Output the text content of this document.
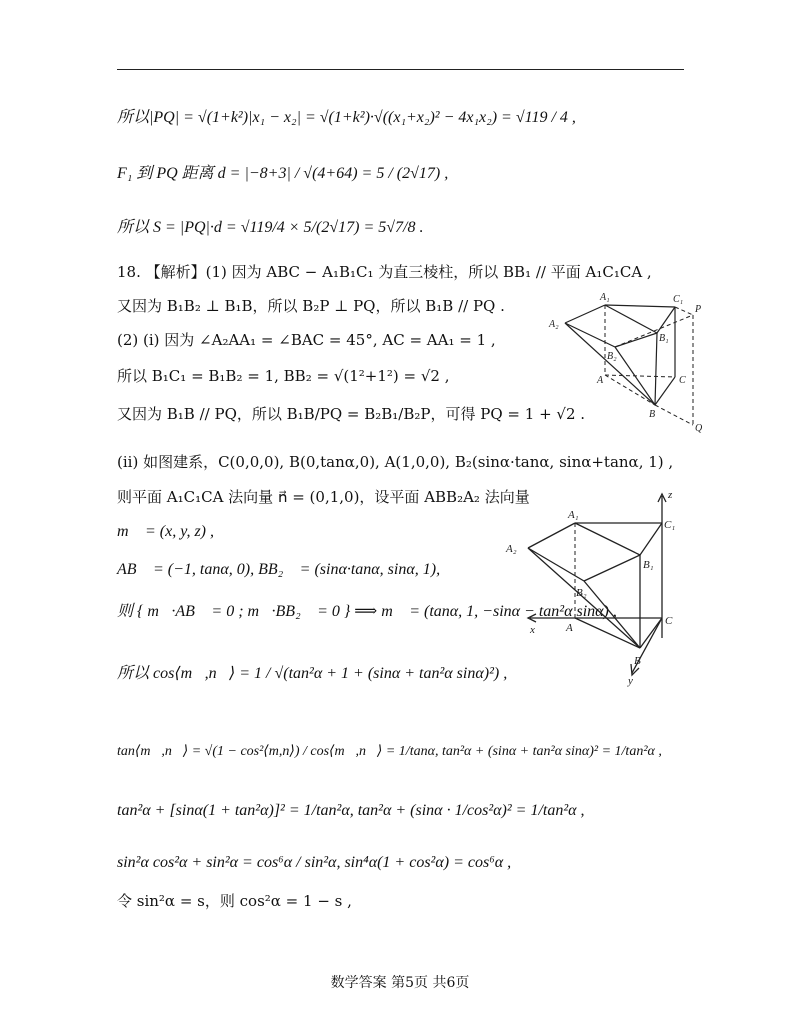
所以|PQ| = √(1+k²)|x₁ − x₂| = √(1+k²)·√((x₁+x₂)² − 4x₁x₂) = √119 / 4 ,
F₁ 到 PQ 距离 d = |−8+3| / √(4+64) = 5 / (2√17) ,
所以 S = |PQ|·d = √119/4 × 5/(2√17) = 5√7/8 .
18. 【解析】(1) 因为 ABC − A₁B₁C₁ 为直三棱柱，所以 BB₁ // 平面 A₁C₁CA ,
又因为 B₁B₂ ⊥ B₁B，所以 B₂P ⊥ PQ，所以 B₁B // PQ .
(2) (i) 因为 ∠A₂AA₁ = ∠BAC = 45°, AC = AA₁ = 1 ,
所以 B₁C₁ = B₁B₂ = 1, BB₂ = √(1²+1²) = √2 ,
又因为 B₁B // PQ，所以 B₁B/PQ = B₂B₁/B₂P，可得 PQ = 1 + √2 .
(ii) 如图建系，C(0,0,0), B(0,tanα,0), A(1,0,0), B₂(sinα·tanα, sinα+tanα, 1) ,
则平面 A₁C₁CA 法向量 n⃗ = (0,1,0)，设平面 ABB₂A₂ 法向量
m⃗ = (x, y, z) ,
AB⃗ = (−1, tanα, 0), BB₂⃗ = (sinα·tanα, sinα, 1),
则 { m⃗·AB⃗ = 0 ; m⃗·BB₂⃗ = 0 } ⟹ m⃗ = (tanα, 1, −sinα − tan²α sinα) ,
所以 cos⟨m⃗,n⃗⟩ = 1 / √(tan²α + 1 + (sinα + tan²α sinα)²) ,
tan⟨m⃗,n⃗⟩ = √(1 − cos²⟨m,n⟩) / cos⟨m⃗,n⃗⟩ = 1/tanα, tan²α + (sinα + tan²α sinα)² = 1/tan²α ,
tan²α + [sinα(1 + tan²α)]² = 1/tan²α, tan²α + (sinα · 1/cos²α)² = 1/tan²α ,
sin²α cos²α + sin²α = cos⁶α / sin²α, sin⁴α(1 + cos²α) = cos⁶α ,
令 sin²α = s，则 cos²α = 1 − s ,
A₁	C₁
P
A₂
B₁
B₂
A	C
B
Q
z
A₁
C₁
A₂
B₁
B₂
x	A
C
B
y
数学答案 第5页 共6页
